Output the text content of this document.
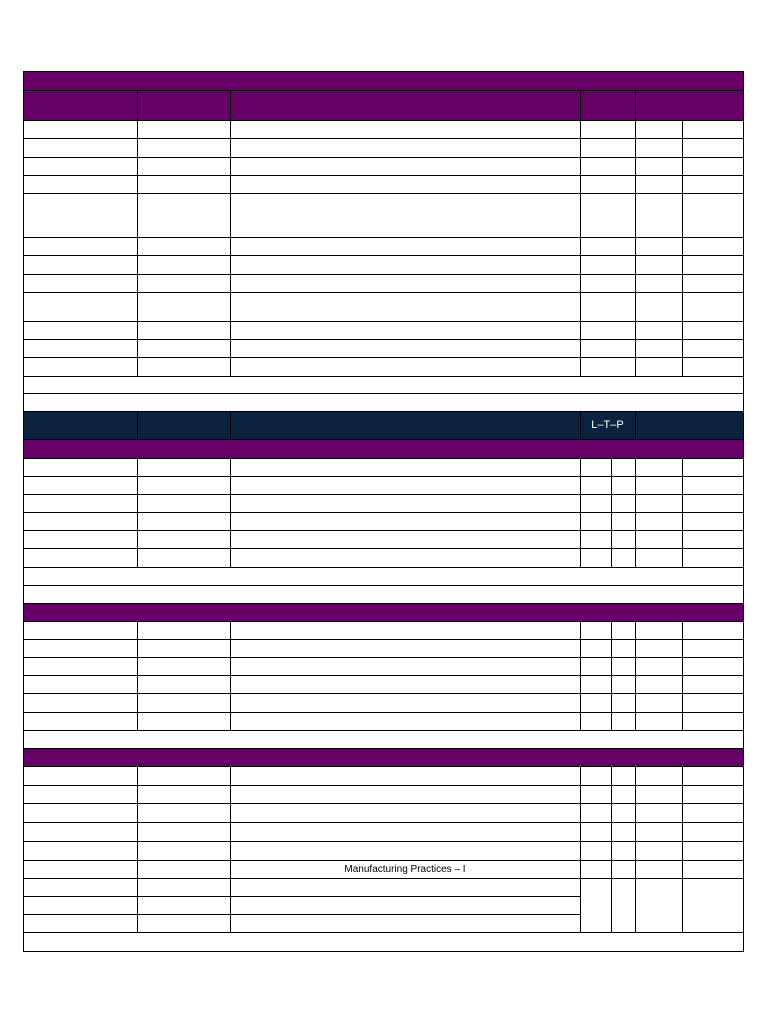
L–T–P
Manufacturing Practices – I
